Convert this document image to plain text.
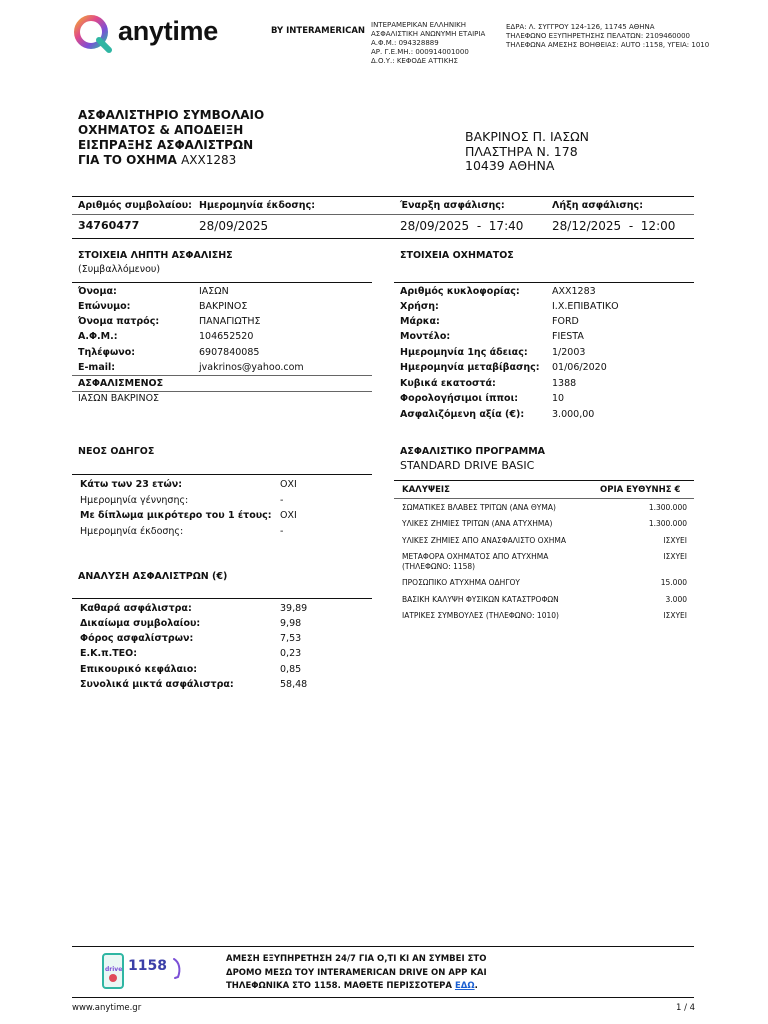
anytime	BY INTERAMERICAN
ΙΝΤΕΡΑΜΕΡΙΚΑΝ ΕΛΛΗΝΙΚΗ
ΑΣΦΑΛΙΣΤΙΚΗ ΑΝΩΝΥΜΗ ΕΤΑΙΡΙΑ
Α.Φ.Μ.: 094328889
ΑΡ. Γ.Ε.ΜΗ.: 000914001000
Δ.Ο.Υ.: ΚΕΦΟΔΕ ΑΤΤΙΚΗΣ
ΕΔΡΑ: Λ. ΣΥΓΓΡΟΥ 124-126, 11745 ΑΘΗΝΑ
ΤΗΛΕΦΩΝΟ ΕΞΥΠΗΡΕΤΗΣΗΣ ΠΕΛΑΤΩΝ: 2109460000
ΤΗΛΕΦΩΝΑ ΑΜΕΣΗΣ ΒΟΗΘΕΙΑΣ: AUTO :1158, ΥΓΕΙΑ: 1010
ΑΣΦΑΛΙΣΤΗΡΙΟ ΣΥΜΒΟΛΑΙΟ
ΟΧΗΜΑΤΟΣ & ΑΠΟΔΕΙΞΗ
ΕΙΣΠΡΑΞΗΣ ΑΣΦΑΛΙΣΤΡΩΝ
ΓΙΑ ΤΟ ΟΧΗΜΑ AXX1283
ΒΑΚΡΙΝΟΣ Π. ΙΑΣΩΝ
ΠΛΑΣΤΗΡΑ Ν. 178
10439 ΑΘΗΝΑ
Αριθμός συμβολαίου: Ημερομηνία έκδοσης:	Έναρξη ασφάλισης:	Λήξη ασφάλισης:
34760477	28/09/2025	28/09/2025 - 17:40 28/12/2025 - 12:00
ΣΤΟΙΧΕΙΑ ΛΗΠΤΗ ΑΣΦΑΛΙΣΗΣ
(Συμβαλλόμενου)
Όνομα:	ΙΑΣΩΝ
Επώνυμο:	ΒΑΚΡΙΝΟΣ
Όνομα πατρός:	ΠΑΝΑΓΙΩΤΗΣ
Α.Φ.Μ.:	104652520
Τηλέφωνο:	6907840085
E-mail:	jvakrinos@yahoo.com
ΑΣΦΑΛΙΣΜΕΝΟΣ
ΙΑΣΩΝ ΒΑΚΡΙΝΟΣ
ΣΤΟΙΧΕΙΑ ΟΧΗΜΑΤΟΣ
Αριθμός κυκλοφορίας:	AXX1283
Χρήση:	Ι.Χ.ΕΠΙΒΑΤΙΚΟ
Μάρκα:	FORD
Μοντέλο:	FIESTA
Ημερομηνία 1ης άδειας:	1/2003
Ημερομηνία μεταβίβασης: 01/06/2020
Κυβικά εκατοστά:	1388
Φορολογήσιμοι ίπποι:	10
Ασφαλιζόμενη αξία (€):	3.000,00
ΝΕΟΣ ΟΔΗΓΟΣ
Κάτω των 23 ετών:	ΟΧΙ
Ημερομηνία γέννησης:	-
Με δίπλωμα μικρότερο του 1 έτους: ΟΧΙ
Ημερομηνία έκδοσης:	-
ΑΝΑΛΥΣΗ ΑΣΦΑΛΙΣΤΡΩΝ (€)
Καθαρά ασφάλιστρα:	39,89
Δικαίωμα συμβολαίου:	9,98
Φόρος ασφαλίστρων:	7,53
Ε.Κ.π.ΤΕΟ:	0,23
Επικουρικό κεφάλαιο:	0,85
Συνολικά μικτά ασφάλιστρα:	58,48
ΑΣΦΑΛΙΣΤΙΚΟ ΠΡΟΓΡΑΜΜΑ
STANDARD DRIVE BASIC
ΚΑΛΥΨΕΙΣ	ΟΡΙΑ ΕΥΘΥΝΗΣ €
ΣΩΜΑΤΙΚΕΣ ΒΛΑΒΕΣ ΤΡΙΤΩΝ (ΑΝΑ ΘΥΜΑ)	1.300.000
ΥΛΙΚΕΣ ΖΗΜΙΕΣ ΤΡΙΤΩΝ (ΑΝΑ ΑΤΥΧΗΜΑ)	1.300.000
ΥΛΙΚΕΣ ΖΗΜΙΕΣ ΑΠΟ ΑΝΑΣΦΑΛΙΣΤΟ ΟΧΗΜΑ	ΙΣΧΥΕΙ
ΜΕΤΑΦΟΡΑ ΟΧΗΜΑΤΟΣ ΑΠΟ ΑΤΥΧΗΜΑ
(ΤΗΛΕΦΩΝΟ: 1158)
ΙΣΧΥΕΙ
ΠΡΟΣΩΠΙΚΟ ΑΤΥΧΗΜΑ ΟΔΗΓΟΥ	15.000
ΒΑΣΙΚΗ ΚΑΛΥΨΗ ΦΥΣΙΚΩΝ ΚΑΤΑΣΤΡΟΦΩΝ	3.000
ΙΑΤΡΙΚΕΣ ΣΥΜΒΟΥΛΕΣ (ΤΗΛΕΦΩΝΟ: 1010)	ΙΣΧΥΕΙ
drive 1158	ΑΜΕΣΗ ΕΞΥΠΗΡΕΤΗΣΗ 24/7 ΓΙΑ Ο,ΤΙ ΚΙ ΑΝ ΣΥΜΒΕΙ ΣΤΟ
ΔΡΟΜΟ ΜΕΣΩ ΤΟΥ INTERAMERICAN DRIVE ON APP ΚΑΙ
ΤΗΛΕΦΩΝΙΚΑ ΣΤΟ 1158. ΜΑΘΕΤΕ ΠΕΡΙΣΣΟΤΕΡΑ ΕΔΩ.
www.anytime.gr	1 / 4
